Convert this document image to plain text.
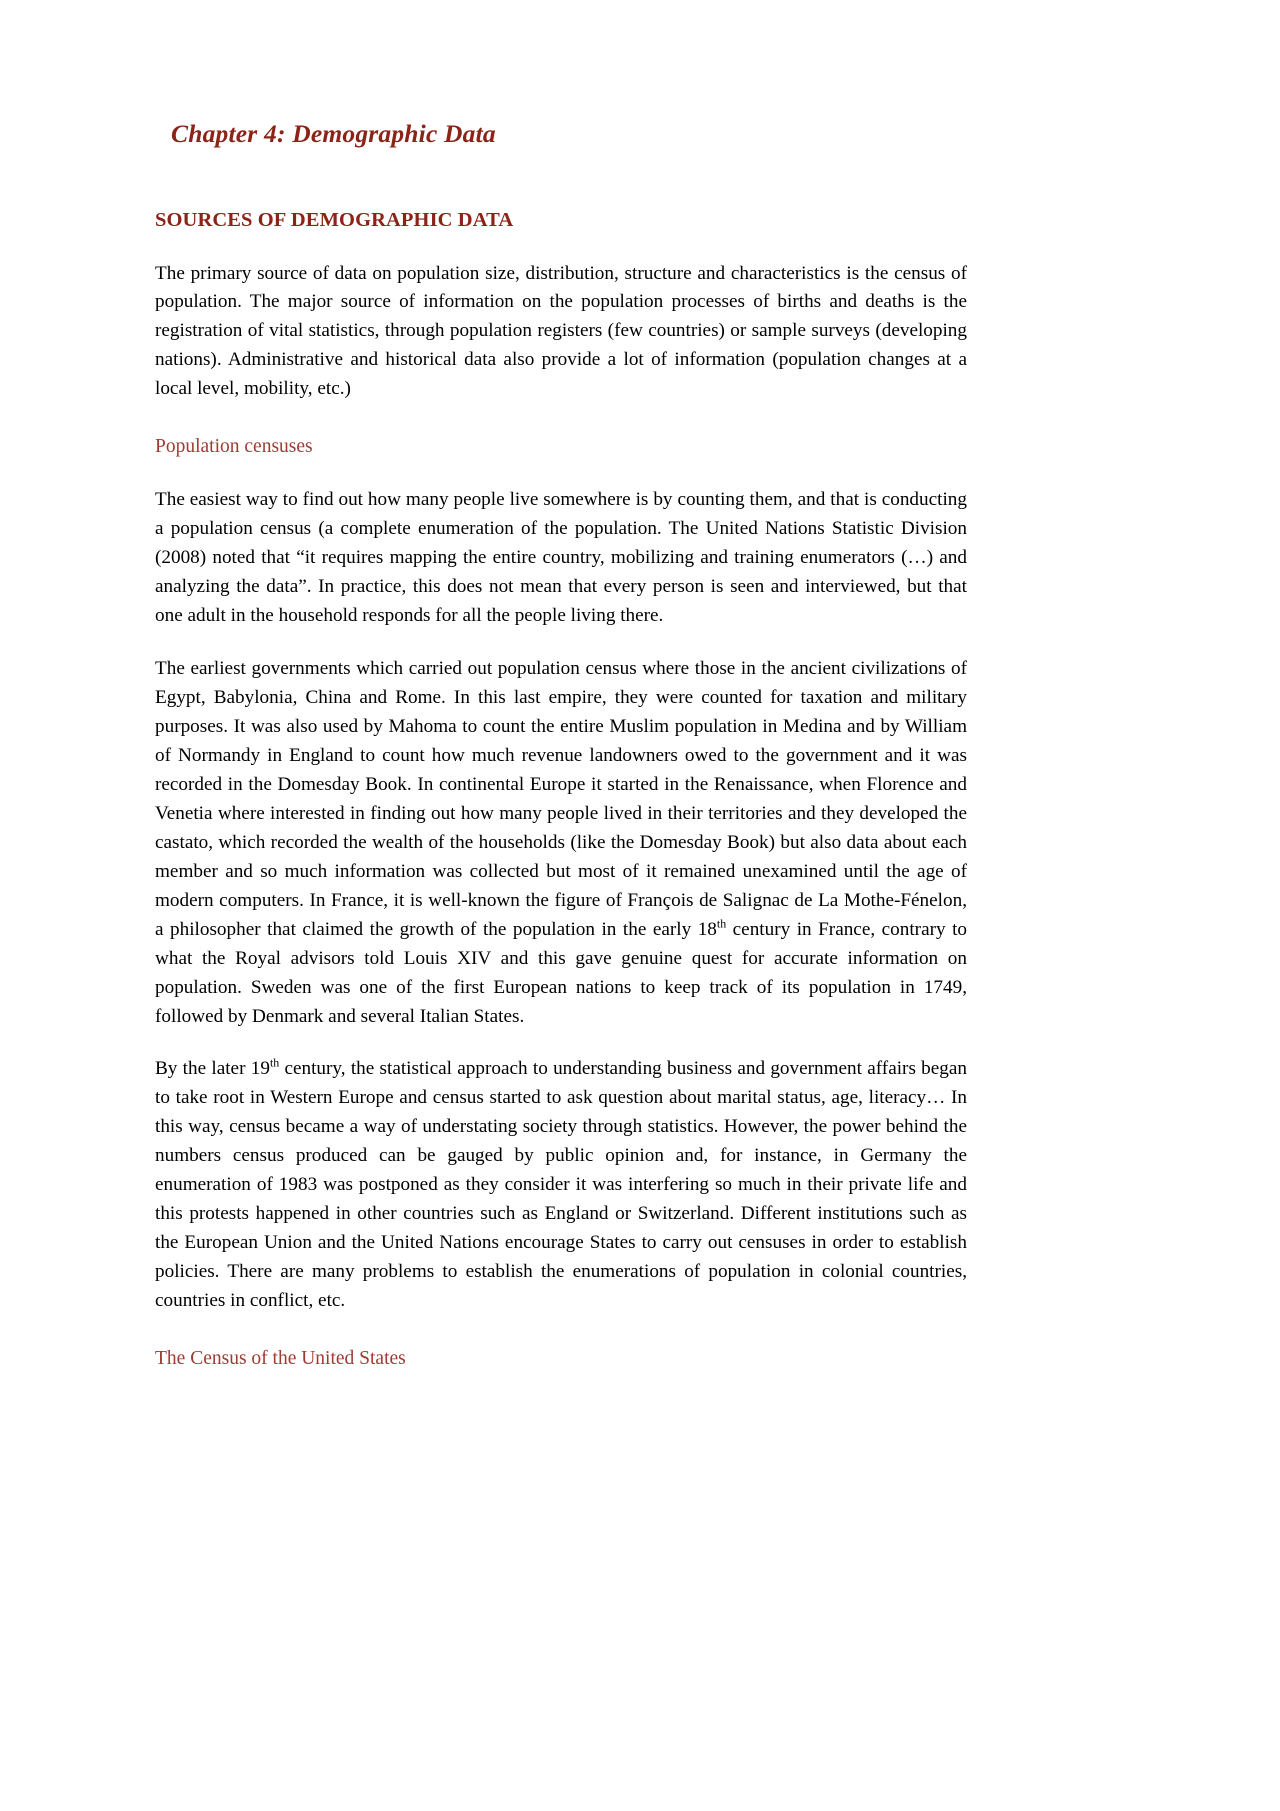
Chapter 4: Demographic Data
SOURCES OF DEMOGRAPHIC DATA

The primary source of data on population size, distribution, structure and characteristics is the census of population. The major source of information on the population processes of births and deaths is the registration of vital statistics, through population registers (few countries) or sample surveys (developing nations). Administrative and historical data also provide a lot of information (population changes at a local level, mobility, etc.)

Population censuses

The easiest way to find out how many people live somewhere is by counting them, and that is conducting a population census (a complete enumeration of the population. The United Nations Statistic Division (2008) noted that “it requires mapping the entire country, mobilizing and training enumerators (…) and analyzing the data”. In practice, this does not mean that every person is seen and interviewed, but that one adult in the household responds for all the people living there.

The earliest governments which carried out population census where those in the ancient civilizations of Egypt, Babylonia, China and Rome. In this last empire, they were counted for taxation and military purposes. It was also used by Mahoma to count the entire Muslim population in Medina and by William of Normandy in England to count how much revenue landowners owed to the government and it was recorded in the Domesday Book. In continental Europe it started in the Renaissance, when Florence and Venetia where interested in finding out how many people lived in their territories and they developed the castato, which recorded the wealth of the households (like the Domesday Book) but also data about each member and so much information was collected but most of it remained unexamined until the age of modern computers. In France, it is well-known the figure of François de Salignac de La Mothe-Fénelon, a philosopher that claimed the growth of the population in the early 18th century in France, contrary to what the Royal advisors told Louis XIV and this gave genuine quest for accurate information on population. Sweden was one of the first European nations to keep track of its population in 1749, followed by Denmark and several Italian States.

By the later 19th century, the statistical approach to understanding business and government affairs began to take root in Western Europe and census started to ask question about marital status, age, literacy… In this way, census became a way of understating society through statistics. However, the power behind the numbers census produced can be gauged by public opinion and, for instance, in Germany the enumeration of 1983 was postponed as they consider it was interfering so much in their private life and this protests happened in other countries such as England or Switzerland. Different institutions such as the European Union and the United Nations encourage States to carry out censuses in order to establish policies. There are many problems to establish the enumerations of population in colonial countries, countries in conflict, etc.

The Census of the United States
